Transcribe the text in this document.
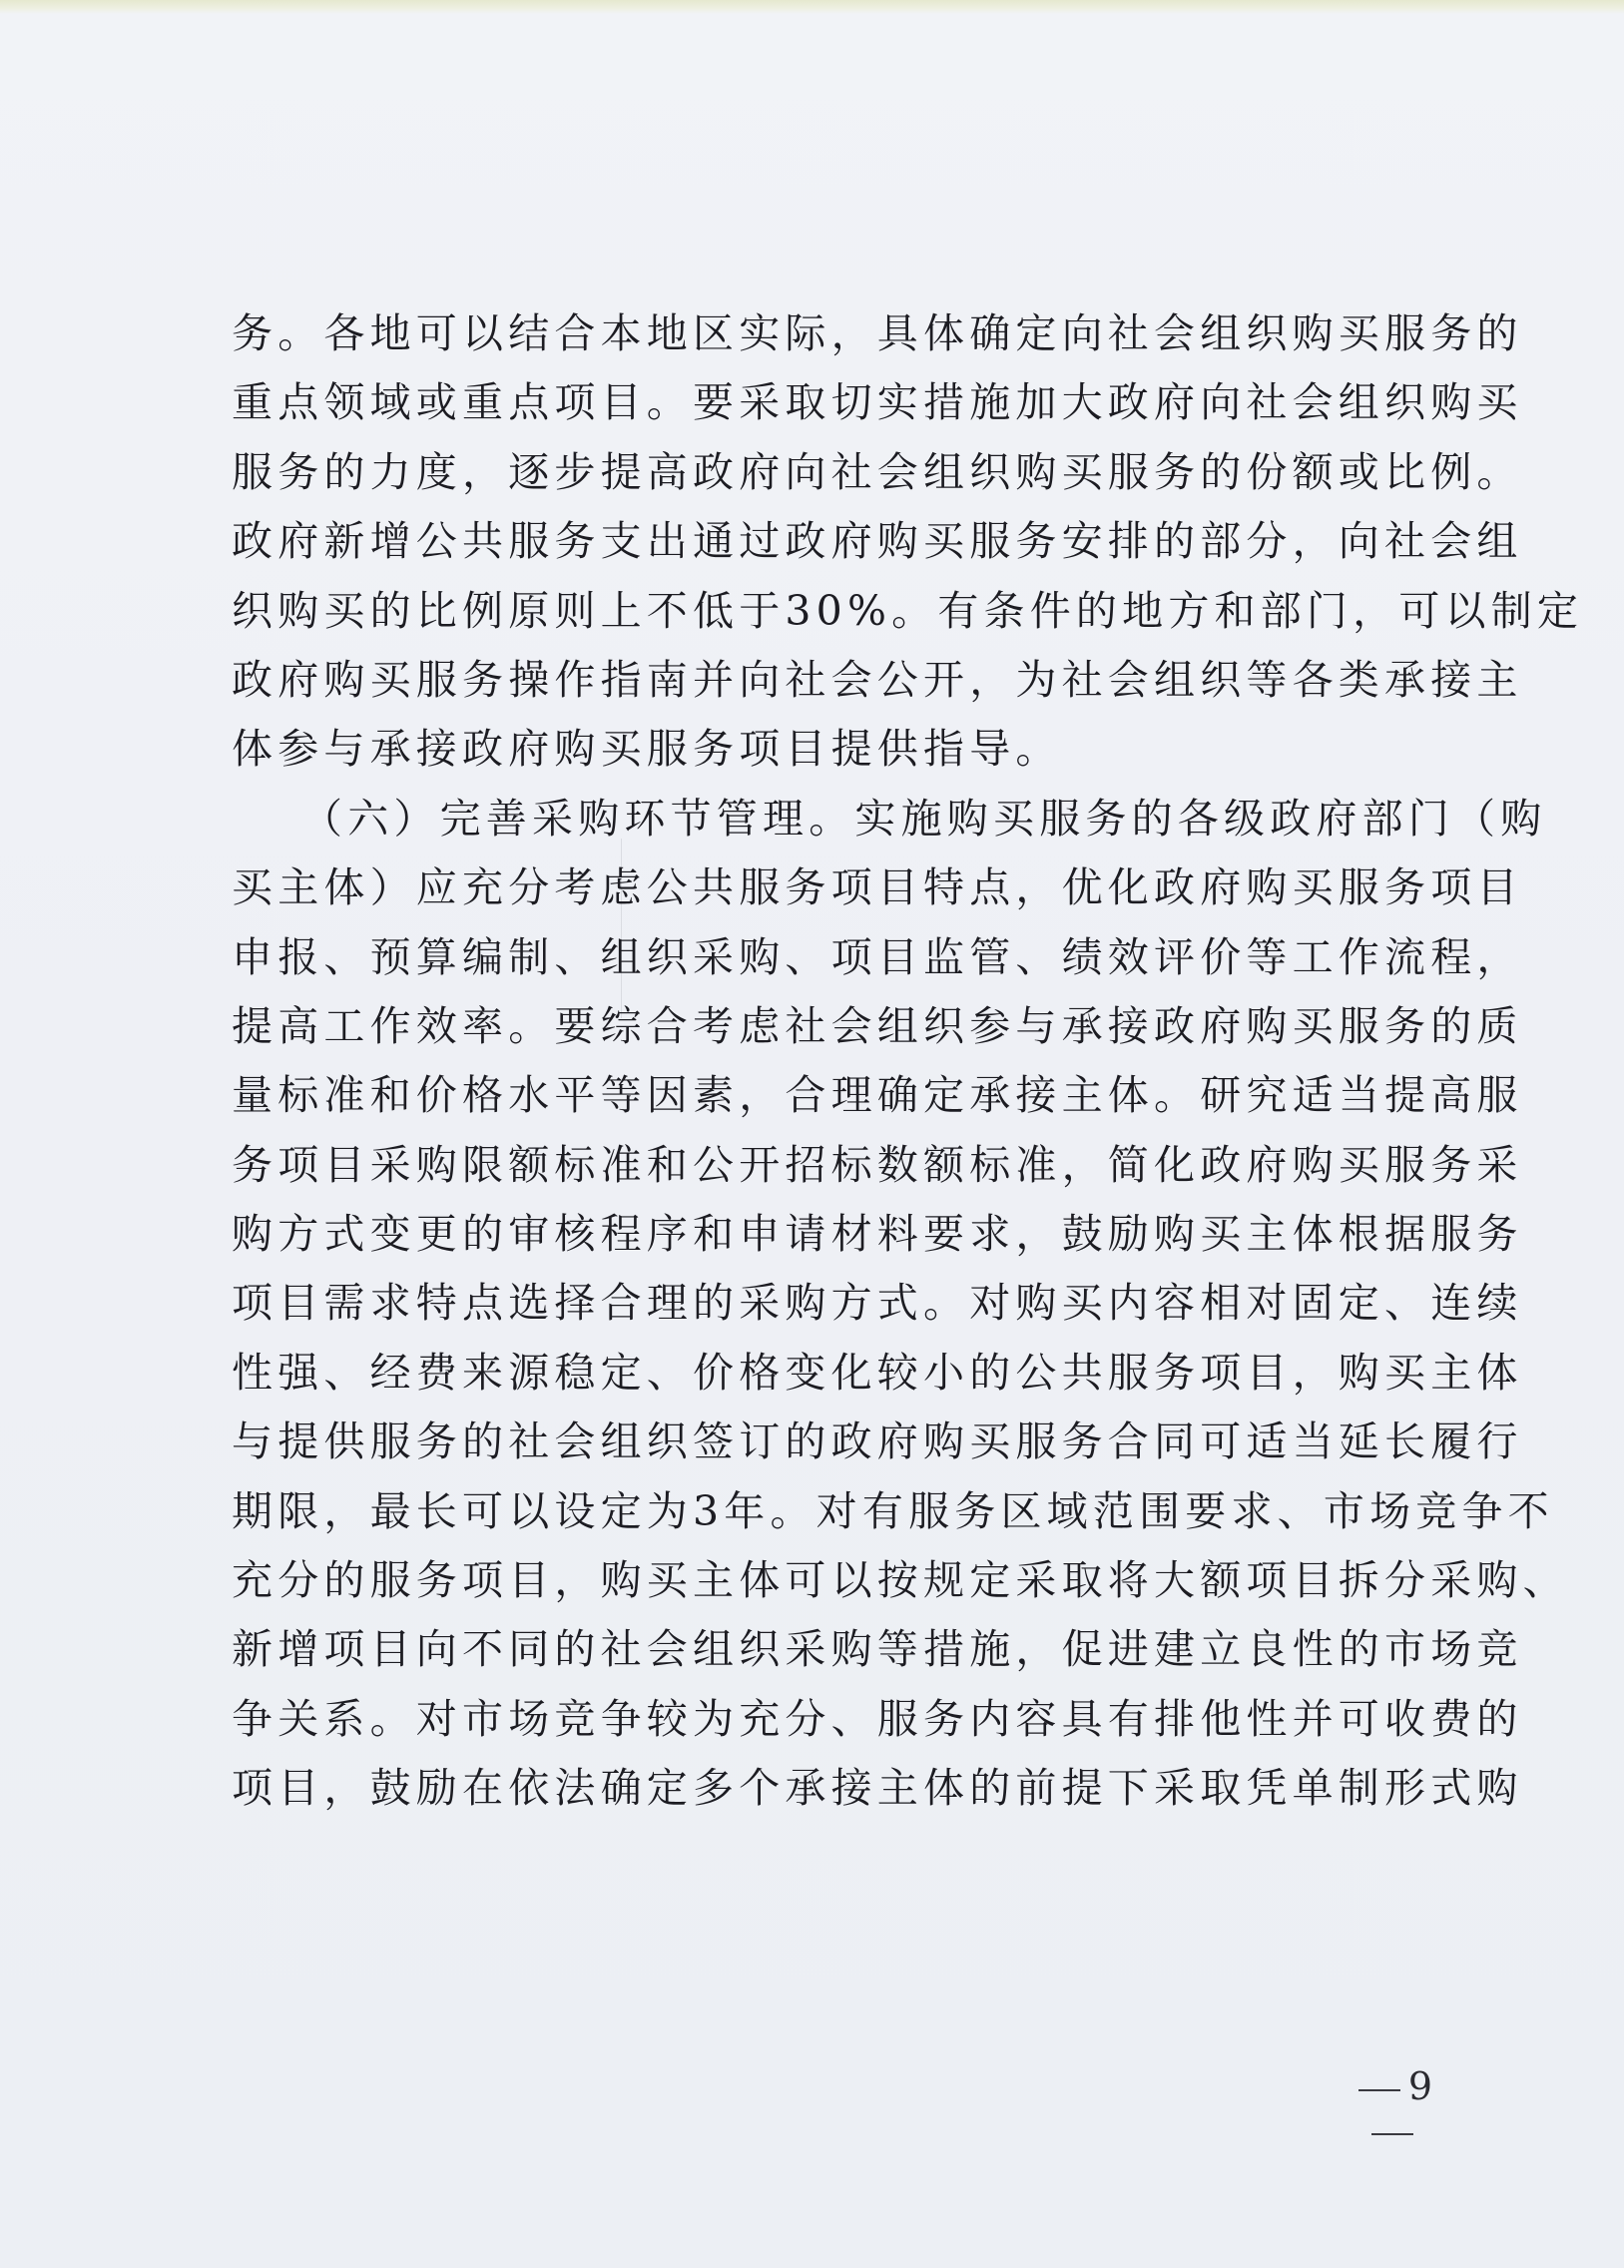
务。各地可以结合本地区实际，具体确定向社会组织购买服务的
重点领域或重点项目。要采取切实措施加大政府向社会组织购买
服务的力度，逐步提高政府向社会组织购买服务的份额或比例。
政府新增公共服务支出通过政府购买服务安排的部分，向社会组
织购买的比例原则上不低于30%。有条件的地方和部门，可以制定
政府购买服务操作指南并向社会公开，为社会组织等各类承接主
体参与承接政府购买服务项目提供指导。
（六）完善采购环节管理。实施购买服务的各级政府部门（购
买主体）应充分考虑公共服务项目特点，优化政府购买服务项目
申报、预算编制、组织采购、项目监管、绩效评价等工作流程，
提高工作效率。要综合考虑社会组织参与承接政府购买服务的质
量标准和价格水平等因素，合理确定承接主体。研究适当提高服
务项目采购限额标准和公开招标数额标准，简化政府购买服务采
购方式变更的审核程序和申请材料要求，鼓励购买主体根据服务
项目需求特点选择合理的采购方式。对购买内容相对固定、连续
性强、经费来源稳定、价格变化较小的公共服务项目，购买主体
与提供服务的社会组织签订的政府购买服务合同可适当延长履行
期限，最长可以设定为3年。对有服务区域范围要求、市场竞争不
充分的服务项目，购买主体可以按规定采取将大额项目拆分采购、
新增项目向不同的社会组织采购等措施，促进建立良性的市场竞
争关系。对市场竞争较为充分、服务内容具有排他性并可收费的
项目，鼓励在依法确定多个承接主体的前提下采取凭单制形式购
9
